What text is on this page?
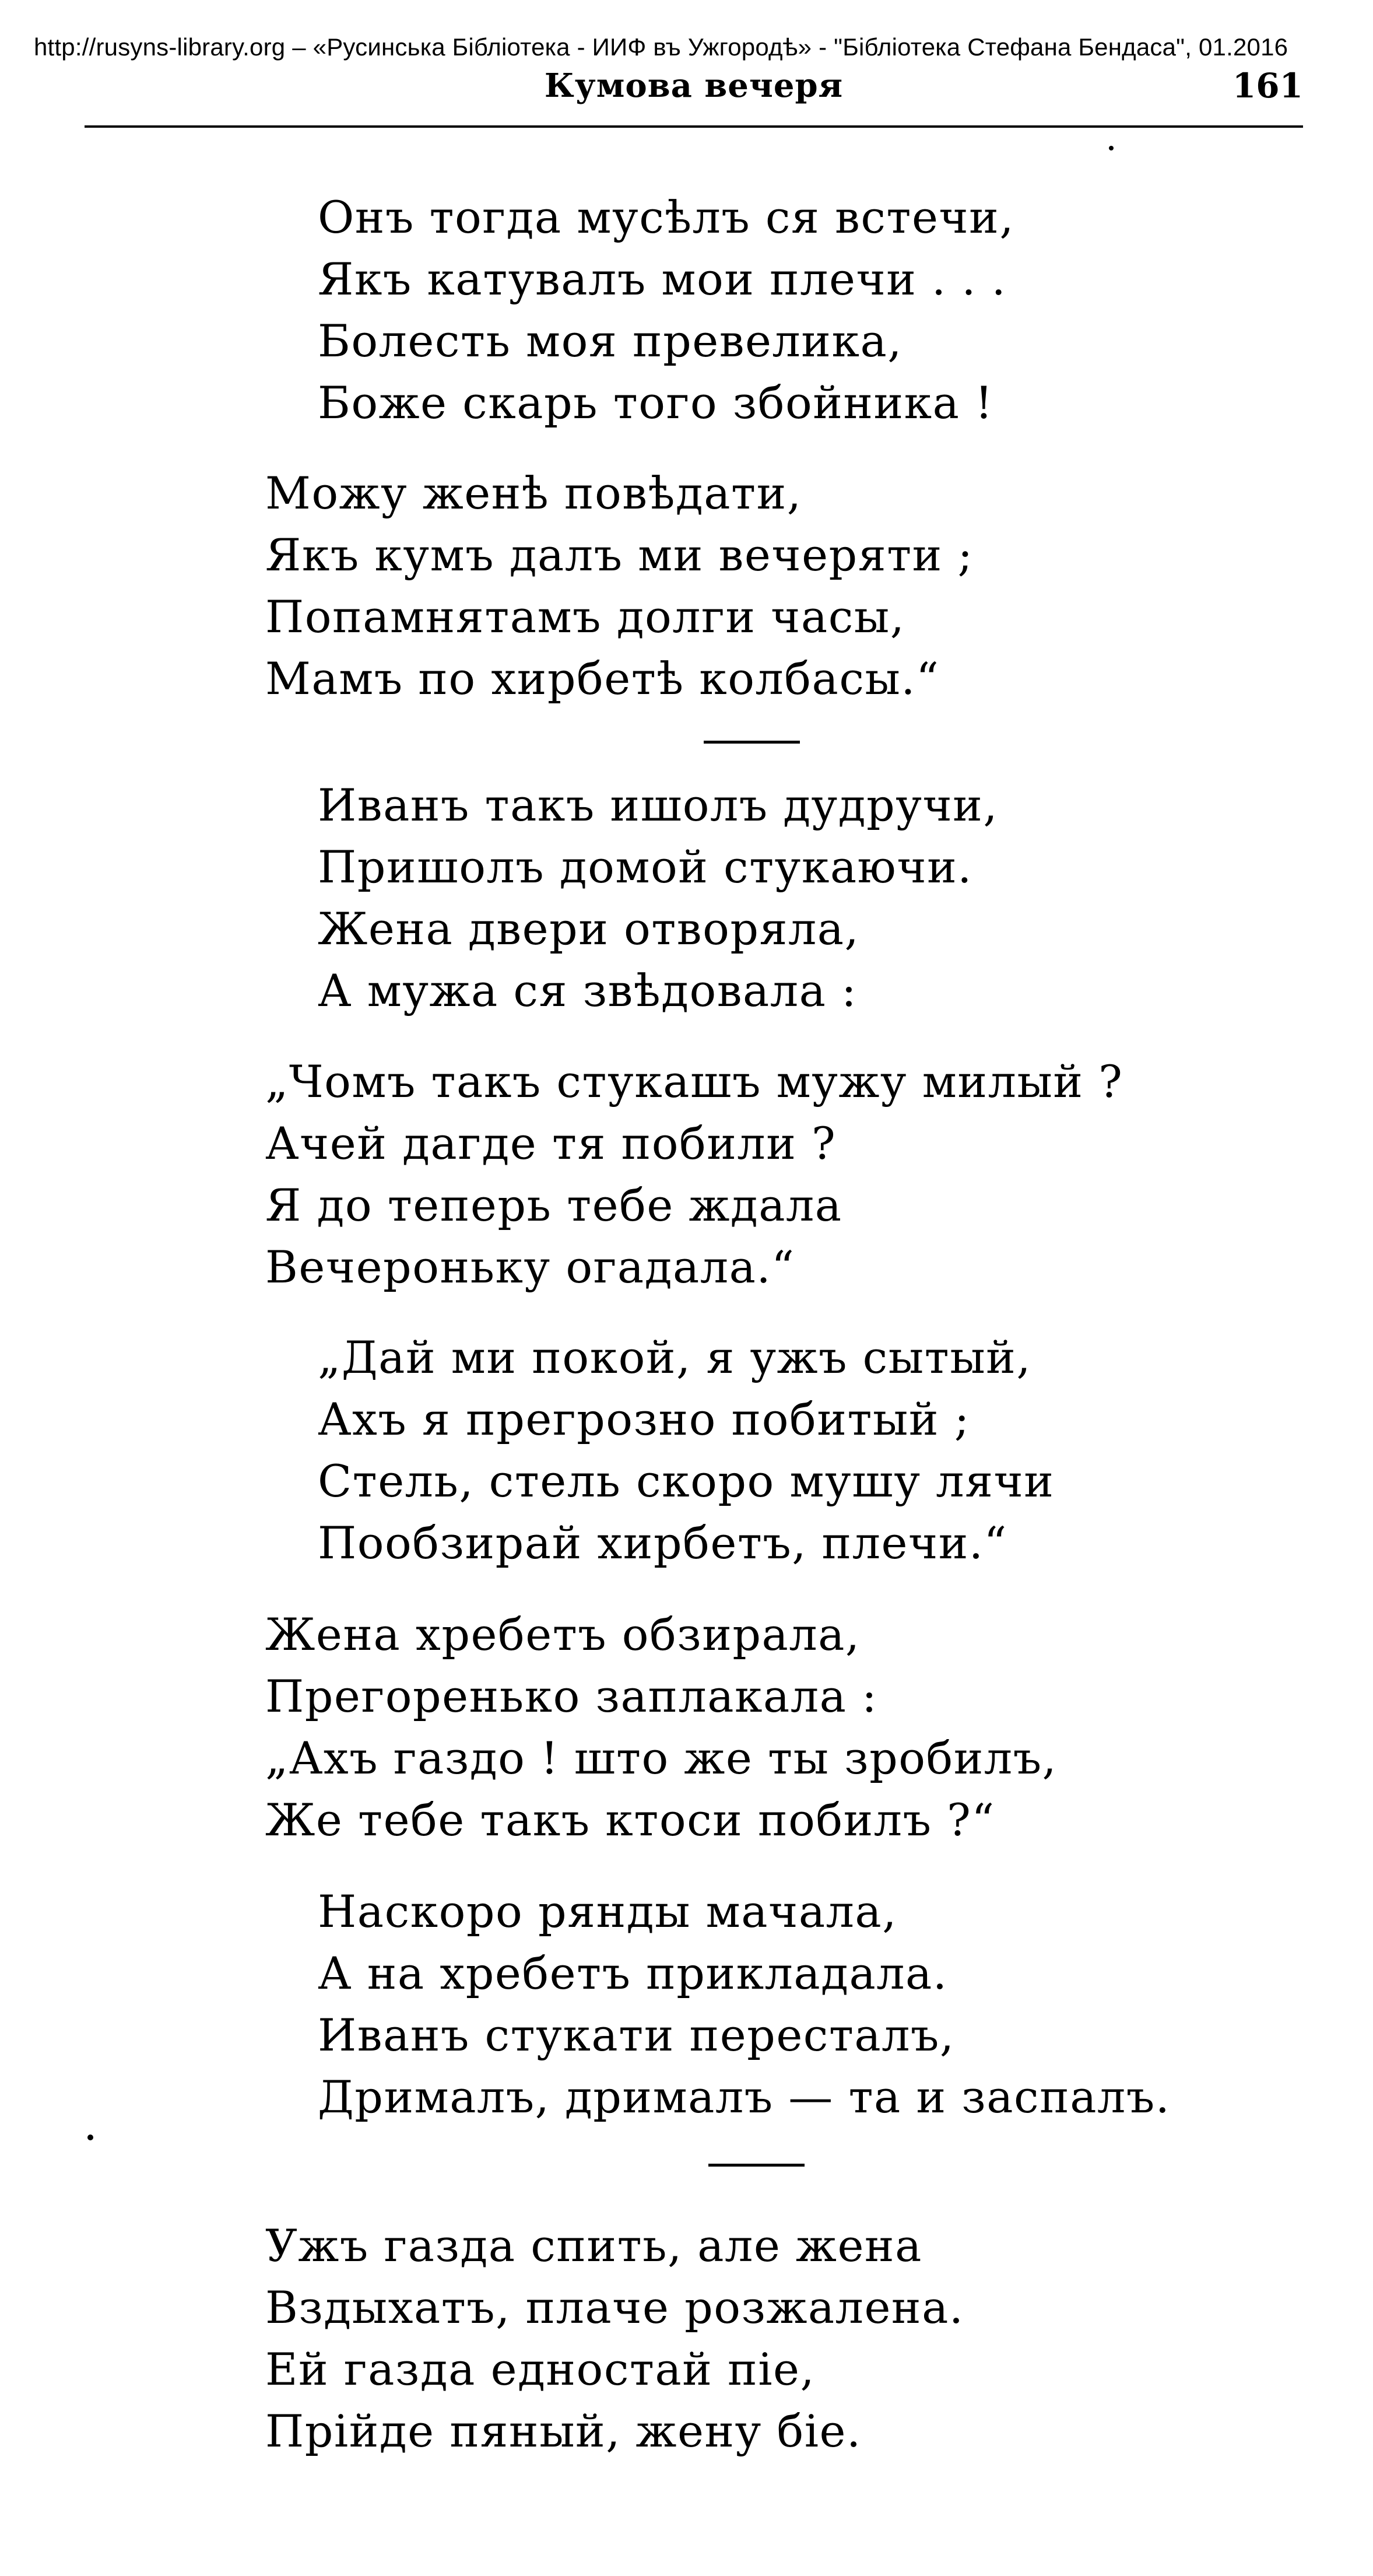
http://rusyns-library.org – «Русинська Бібліотека - ИИФ въ Ужгородѣ» - "Бібліотека Стефана Бендаса", 01.2016
Кумова вечеря	161
Онъ тогда мусѣлъ ся встечи,
Якъ катувалъ мои плечи . . .
Болесть моя превелика,
Боже скарь того збойника !
Можу женѣ повѣдати,
Якъ кумъ далъ ми вечеряти ;
Попамнятамъ долги часы,
Мамъ по хирбетѣ колбасы.“
Иванъ такъ ишолъ дудручи,
Пришолъ домой стукаючи.
Жена двери отворяла,
А мужа ся звѣдовала :
„Чомъ такъ стукашъ мужу милый ?
Ачей дагде тя побили ?
Я до теперь тебе ждала
Вечероньку огадала.“
„Дай ми покой, я ужъ сытый,
Ахъ я прегрозно побитый ;
Стель, стель скоро мушу лячи
Пообзирай хирбетъ, плечи.“
Жена хребетъ обзирала,
Прегоренько заплакала :
„Ахъ газдо ! што же ты зробилъ,
Же тебе такъ ктоси побилъ ?“
Наскоро рянды мачала,
А на хребетъ прикладала.
Иванъ стукати пересталъ,
Дрималъ, дрималъ — та и заспалъ.
Ужъ газда спить, але жена
Вздыхатъ, плаче розжалена.
Ей газда едностай піе,
Прійде пяный, жену біе.
